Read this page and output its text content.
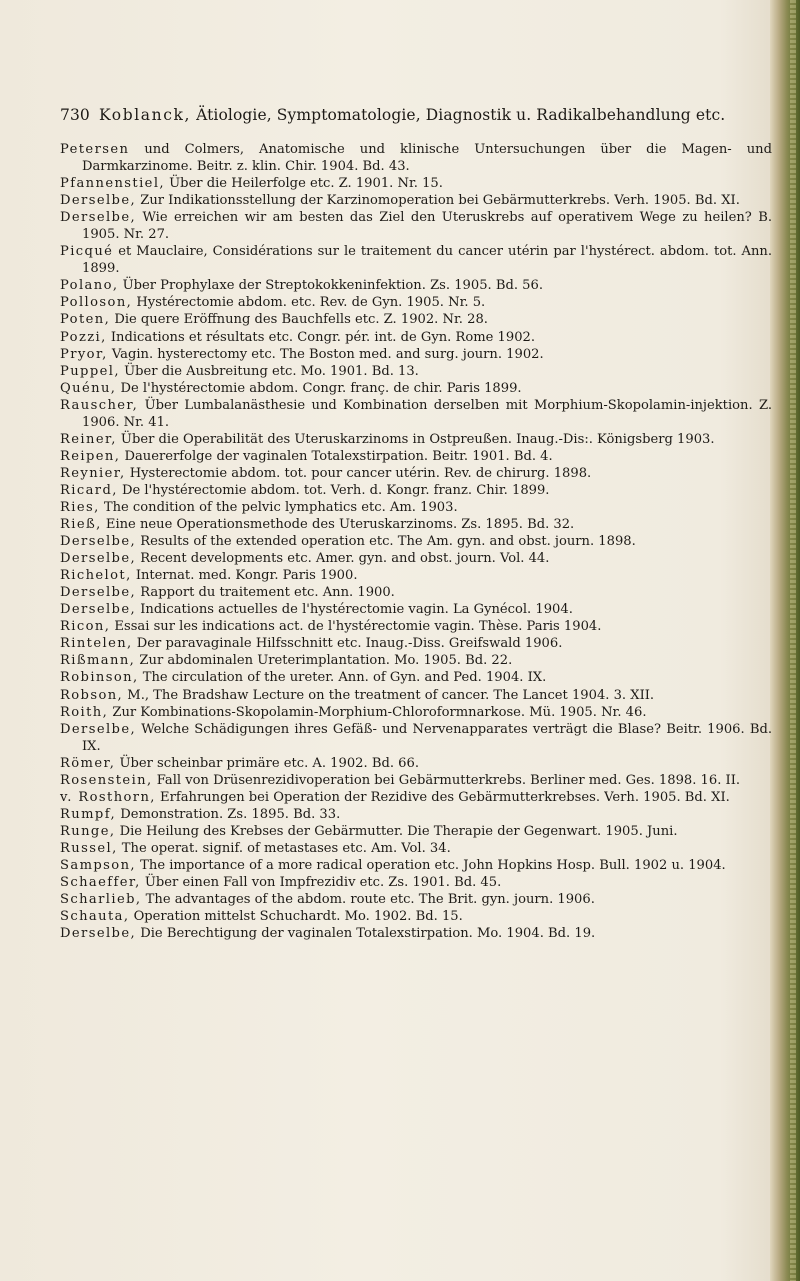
730 Koblanck, Ätiologie, Symptomatologie, Diagnostik u. Radikalbehandlung etc.
Petersen und Colmers, Anatomische und klinische Untersuchungen über die Magen- und Darmkarzinome. Beitr. z. klin. Chir. 1904. Bd. 43.
Pfannenstiel, Über die Heilerfolge etc. Z. 1901. Nr. 15.
Derselbe, Zur Indikationsstellung der Karzinomoperation bei Gebärmutterkrebs. Verh. 1905. Bd. XI.
Derselbe, Wie erreichen wir am besten das Ziel den Uteruskrebs auf operativem Wege zu heilen? B. 1905. Nr. 27.
Picqué et Mauclaire, Considérations sur le traitement du cancer utérin par l'hystérect. abdom. tot. Ann. 1899.
Polano, Über Prophylaxe der Streptokokkeninfektion. Zs. 1905. Bd. 56.
Polloson, Hystérectomie abdom. etc. Rev. de Gyn. 1905. Nr. 5.
Poten, Die quere Eröffnung des Bauchfells etc. Z. 1902. Nr. 28.
Pozzi, Indications et résultats etc. Congr. pér. int. de Gyn. Rome 1902.
Pryor, Vagin. hysterectomy etc. The Boston med. and surg. journ. 1902.
Puppel, Über die Ausbreitung etc. Mo. 1901. Bd. 13.
Quénu, De l'hystérectomie abdom. Congr. franç. de chir. Paris 1899.
Rauscher, Über Lumbalanästhesie und Kombination derselben mit Morphium-Skopolamin-injektion. Z. 1906. Nr. 41.
Reiner, Über die Operabilität des Uteruskarzinoms in Ostpreußen. Inaug.-Dis:. Königsberg 1903.
Reipen, Dauererfolge der vaginalen Totalexstirpation. Beitr. 1901. Bd. 4.
Reynier, Hysterectomie abdom. tot. pour cancer utérin. Rev. de chirurg. 1898.
Ricard, De l'hystérectomie abdom. tot. Verh. d. Kongr. franz. Chir. 1899.
Ries, The condition of the pelvic lymphatics etc. Am. 1903.
Rieß, Eine neue Operationsmethode des Uteruskarzinoms. Zs. 1895. Bd. 32.
Derselbe, Results of the extended operation etc. The Am. gyn. and obst. journ. 1898.
Derselbe, Recent developments etc. Amer. gyn. and obst. journ. Vol. 44.
Richelot, Internat. med. Kongr. Paris 1900.
Derselbe, Rapport du traitement etc. Ann. 1900.
Derselbe, Indications actuelles de l'hystérectomie vagin. La Gynécol. 1904.
Ricon, Essai sur les indications act. de l'hystérectomie vagin. Thèse. Paris 1904.
Rintelen, Der paravaginale Hilfsschnitt etc. Inaug.-Diss. Greifswald 1906.
Rißmann, Zur abdominalen Ureterimplantation. Mo. 1905. Bd. 22.
Robinson, The circulation of the ureter. Ann. of Gyn. and Ped. 1904. IX.
Robson, M., The Bradshaw Lecture on the treatment of cancer. The Lancet 1904. 3. XII.
Roith, Zur Kombinations-Skopolamin-Morphium-Chloroformnarkose. Mü. 1905. Nr. 46.
Derselbe, Welche Schädigungen ihres Gefäß- und Nervenapparates verträgt die Blase? Beitr. 1906. Bd. IX.
Römer, Über scheinbar primäre etc. A. 1902. Bd. 66.
Rosenstein, Fall von Drüsenrezidivoperation bei Gebärmutterkrebs. Berliner med. Ges. 1898. 16. II.
v. Rosthorn, Erfahrungen bei Operation der Rezidive des Gebärmutterkrebses. Verh. 1905. Bd. XI.
Rumpf, Demonstration. Zs. 1895. Bd. 33.
Runge, Die Heilung des Krebses der Gebärmutter. Die Therapie der Gegenwart. 1905. Juni.
Russel, The operat. signif. of metastases etc. Am. Vol. 34.
Sampson, The importance of a more radical operation etc. John Hopkins Hosp. Bull. 1902 u. 1904.
Schaeffer, Über einen Fall von Impfrezidiv etc. Zs. 1901. Bd. 45.
Scharlieb, The advantages of the abdom. route etc. The Brit. gyn. journ. 1906.
Schauta, Operation mittelst Schuchardt. Mo. 1902. Bd. 15.
Derselbe, Die Berechtigung der vaginalen Totalexstirpation. Mo. 1904. Bd. 19.
